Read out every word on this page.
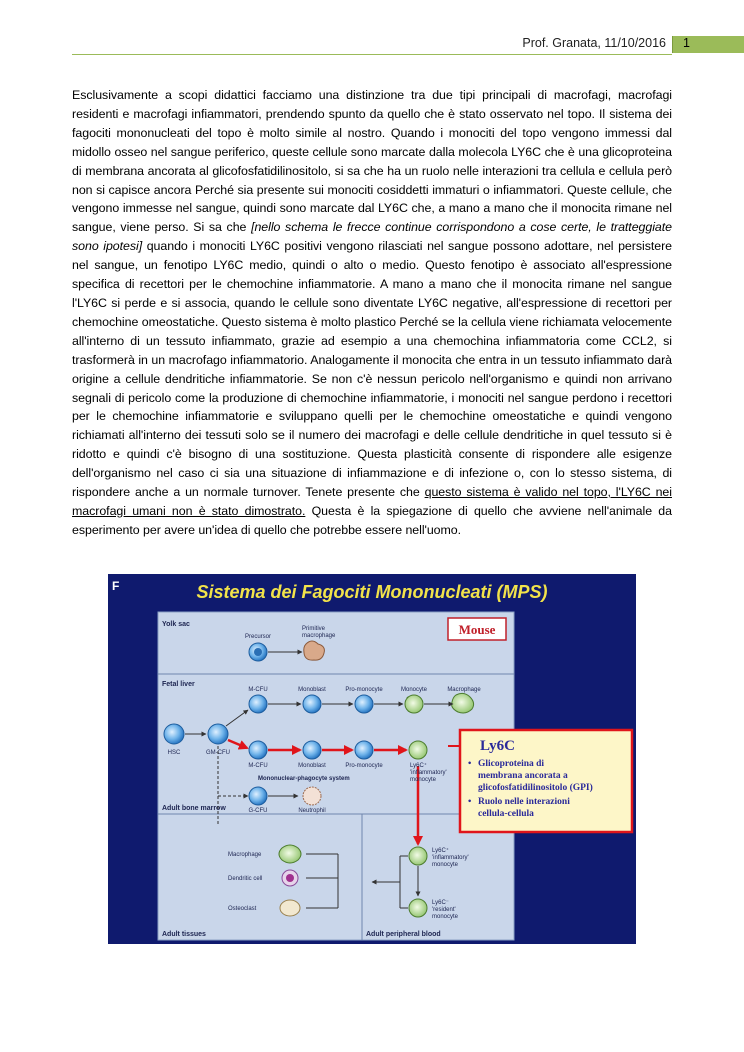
Prof. Granata, 11/10/2016 1
Esclusivamente a scopi didattici facciamo una distinzione tra due tipi principali di macrofagi, macrofagi residenti e macrofagi infiammatori, prendendo spunto da quello che è stato osservato nel topo. Il sistema dei fagociti mononucleati del topo è molto simile al nostro. Quando i monociti del topo vengono immessi dal midollo osseo nel sangue periferico, queste cellule sono marcate dalla molecola LY6C che è una glicoproteina di membrana ancorata al glicofosfatidilinositolo, si sa che ha un ruolo nelle interazioni tra cellula e cellula però non si capisce ancora Perché sia presente sui monociti cosiddetti immaturi o infiammatori. Queste cellule, che vengono immesse nel sangue, quindi sono marcate dal LY6C che, a mano a mano che il monocita rimane nel sangue, viene perso. Si sa che [nello schema le frecce continue corrispondono a cose certe, le tratteggiate sono ipotesi] quando i monociti LY6C positivi vengono rilasciati nel sangue possono adottare, nel persistere nel sangue, un fenotipo LY6C medio, quindi o alto o medio. Questo fenotipo è associato all'espressione specifica di recettori per le chemochine infiammatorie. A mano a mano che il monocita rimane nel sangue l'LY6C si perde e si associa, quando le cellule sono diventate LY6C negative, all'espressione di recettori per chemochine omeostatiche. Questo sistema è molto plastico Perché se la cellula viene richiamata velocemente all'interno di un tessuto infiammato, grazie ad esempio a una chemochina infiammatoria come CCL2, si trasformerà in un macrofago infiammatorio. Analogamente il monocita che entra in un tessuto infiammato darà origine a cellule dendritiche infiammatorie. Se non c'è nessun pericolo nell'organismo e quindi non arrivano segnali di pericolo come la produzione di chemochine infiammatorie, i monociti nel sangue perdono i recettori per le chemochine infiammatorie e sviluppano quelli per le chemochine omeostatiche e quindi vengono richiamati all'interno dei tessuti solo se il numero dei macrofagi e delle cellule dendritiche in quel tessuto si è ridotto e quindi c'è bisogno di una sostituzione. Questa plasticità consente di rispondere alle esigenze dell'organismo nel caso ci sia una situazione di infiammazione e di infezione o, con lo stesso sistema, di rispondere anche a un normale turnover. Tenete presente che questo sistema è valido nel topo, l'LY6C nei macrofagi umani non è stato dimostrato. Questa è la spiegazione di quello che avviene nell'animale da esperimento per avere un'idea di quello che potrebbe essere nell'uomo.
F	Sistema dei Fagociti Mononucleati (MPS)
Yolk sac
Fetal liver
Adult bone marrow
Adult tissues	Adult peripheral blood
Mouse
Precursor
Primitive
macrophage
M-CFU	Monoblast	Pro-monocyte	Monocyte	Macrophage
HSC	GM-CFU
M-CFU	Monoblast	Pro-monocyte	Ly6C⁺
'inflammatory'
monocyte
Mononuclear-phagocyte system
G-CFU	Neutrophil
Macrophage
Dendritic cell
Osteoclast
Ly6C⁺
'inflammatory'
monocyte
Ly6C⁻
'resident'
monocyte
Ly6C
• Glicoproteina di
membrana ancorata a
glicofosfatidilinositolo (GPI)
• Ruolo nelle interazioni
cellula-cellula
